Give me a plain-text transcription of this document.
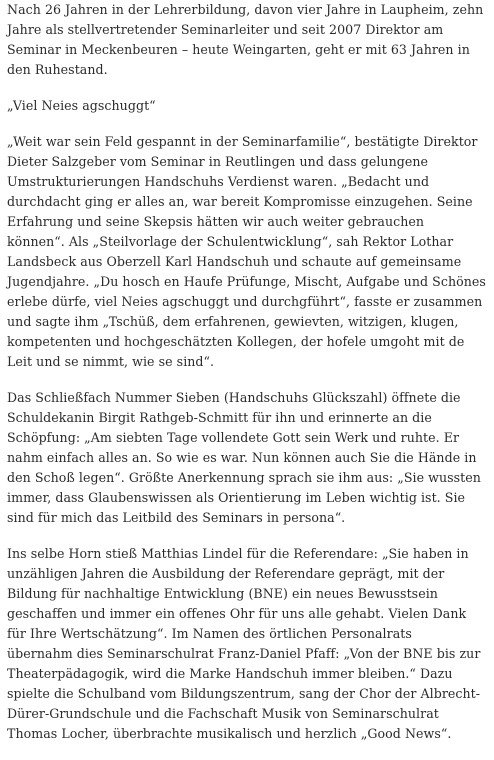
Nach 26 Jahren in der Lehrerbildung, davon vier Jahre in Laupheim, zehn
Jahre als stellvertretender Seminarleiter und seit 2007 Direktor am
Seminar in Meckenbeuren – heute Weingarten, geht er mit 63 Jahren in
den Ruhestand.

„Viel Neies agschuggt“

„Weit war sein Feld gespannt in der Seminarfamilie“, bestätigte Direktor
Dieter Salzgeber vom Seminar in Reutlingen und dass gelungene
Umstrukturierungen Handschuhs Verdienst waren. „Bedacht und
durchdacht ging er alles an, war bereit Kompromisse einzugehen. Seine
Erfahrung und seine Skepsis hätten wir auch weiter gebrauchen
können“. Als „Steilvorlage der Schulentwicklung“, sah Rektor Lothar
Landsbeck aus Oberzell Karl Handschuh und schaute auf gemeinsame
Jugendjahre. „Du hosch en Haufe Prüfunge, Mischt, Aufgabe und Schönes
erlebe dürfe, viel Neies agschuggt und durchgführt“, fasste er zusammen
und sagte ihm „Tschüß, dem erfahrenen, gewievten, witzigen, klugen,
kompetenten und hochgeschätzten Kollegen, der hofele umgoht mit de
Leit und se nimmt, wie se sind“.

Das Schließfach Nummer Sieben (Handschuhs Glückszahl) öffnete die
Schuldekanin Birgit Rathgeb-Schmitt für ihn und erinnerte an die
Schöpfung: „Am siebten Tage vollendete Gott sein Werk und ruhte. Er
nahm einfach alles an. So wie es war. Nun können auch Sie die Hände in
den Schoß legen“. Größte Anerkennung sprach sie ihm aus: „Sie wussten
immer, dass Glaubenswissen als Orientierung im Leben wichtig ist. Sie
sind für mich das Leitbild des Seminars in persona“.

Ins selbe Horn stieß Matthias Lindel für die Referendare: „Sie haben in
unzähligen Jahren die Ausbildung der Referendare geprägt, mit der
Bildung für nachhaltige Entwicklung (BNE) ein neues Bewusstsein
geschaffen und immer ein offenes Ohr für uns alle gehabt. Vielen Dank
für Ihre Wertschätzung“. Im Namen des örtlichen Personalrats
übernahm dies Seminarschulrat Franz-Daniel Pfaff: „Von der BNE bis zur
Theaterpädagogik, wird die Marke Handschuh immer bleiben.“ Dazu
spielte die Schulband vom Bildungszentrum, sang der Chor der Albrecht-
Dürer-Grundschule und die Fachschaft Musik von Seminarschulrat
Thomas Locher, überbrachte musikalisch und herzlich „Good News“.
